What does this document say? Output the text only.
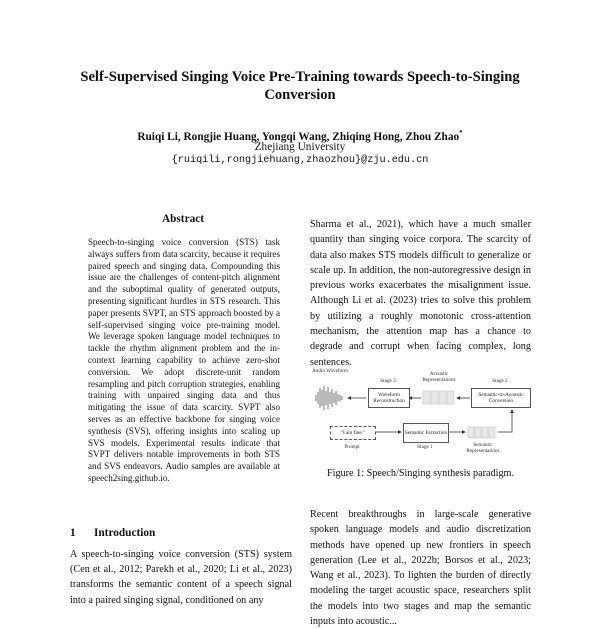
Self-Supervised Singing Voice Pre-Training towards Speech-to-Singing
Conversion
Ruiqi Li, Rongjie Huang, Yongqi Wang, Zhiqing Hong, Zhou Zhao*
Zhejiang University
{ruiqili,rongjiehuang,zhaozhou}@zju.edu.cn
Abstract

Speech-to-singing voice conversion (STS) task always suffers from data scarcity, because it requires paired speech and singing data. Compounding this issue are the challenges of content-pitch alignment and the suboptimal quality of generated outputs, presenting significant hurdles in STS research. This paper presents SVPT, an STS approach boosted by a self-supervised singing voice pre-training model. We leverage spoken language model techniques to tackle the rhythm alignment problem and the in-context learning capability to achieve zero-shot conversion. We adopt discrete-unit random resampling and pitch corruption strategies, enabling training with unpaired singing data and thus mitigating the issue of data scarcity. SVPT also serves as an effective backbone for singing voice synthesis (SVS), offering insights into scaling up SVS models. Experimental results indicate that SVPT delivers notable improvements in both STS and SVS endeavors. Audio samples are available at speech2sing.github.io.

1 Introduction

A speech-to-singing voice conversion (STS) system (Cen et al., 2012; Parekh et al., 2020; Li et al., 2023) transforms the semantic content of a speech signal into a paired singing signal, conditioned on any

Sharma et al., 2021), which have a much smaller quantity than singing voice corpora. The scarcity of data also makes STS models difficult to generalize or scale up. In addition, the non-autoregressive design in previous works exacerbates the misalignment issue. Although Li et al. (2023) tries to solve this problem by utilizing a roughly monotonic cross-attention mechanism, the attention map has a chance to degrade and corrupt when facing complex, long sentences.

Audio Waveform
Stage 3
Waveform Reconstruction
Acoustic Representations	Stage 2
Semantic-to-Acoustic Conversion
"I am fine."
Prompt
Semantic Extraction
Stage 1	Semantic Representations
Figure 1: Speech/Singing synthesis paradigm.

Recent breakthroughs in large-scale generative spoken language models and audio discretization methods have opened up new frontiers in speech generation (Lee et al., 2022b; Borsos et al., 2023; Wang et al., 2023). To lighten the burden of directly modeling the target acoustic space, researchers split the models into two stages and map the semantic inputs into acoustic...
